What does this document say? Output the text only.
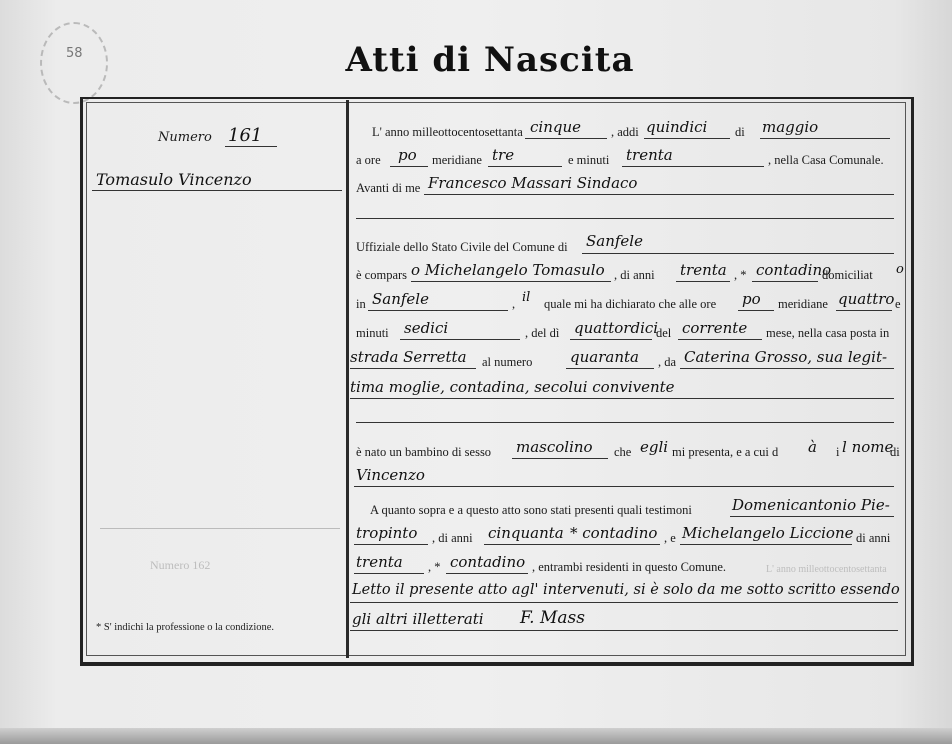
58	Atti di Nascita
Numero 161
Tomasulo Vincenzo
Numero 162
* S' indichi la professione o la condizione.
L' anno milleottocentosettanta cinque , addi quindici di maggio
a ore po meridiane tre	e minuti trenta	, nella Casa Comunale.
Avanti di me Francesco Massari Sindaco
Uffiziale dello Stato Civile del Comune di Sanfele
è compars o Michelangelo Tomasulo , di anni trenta , * contadino
domiciliat o
in Sanfele	, il quale mi ha dichiarato che alle ore po meridiane quattro e
minuti sedici	, del dì quattordici
del corrente mese, nella casa posta in
strada Serretta al numero	quaranta , da Caterina Grosso, sua legit-
tima moglie, contadina, secolui convivente
è nato un bambino di sesso mascolino che egli mi presenta, e a cui d à i l nome
di
Vincenzo
A quanto sopra e a questo atto sono stati presenti quali testimoni	Domenicantonio Pie-
tropinto , di anni cinquanta * contadino , e Michelangelo Liccione di anni
trenta , * contadino , entrambi residenti in questo Comune.	L' anno milleottocentosettanta
Letto il presente atto agl' intervenuti, si è solo da me sotto scritto essendo
gli altri illetterati F. Mass
